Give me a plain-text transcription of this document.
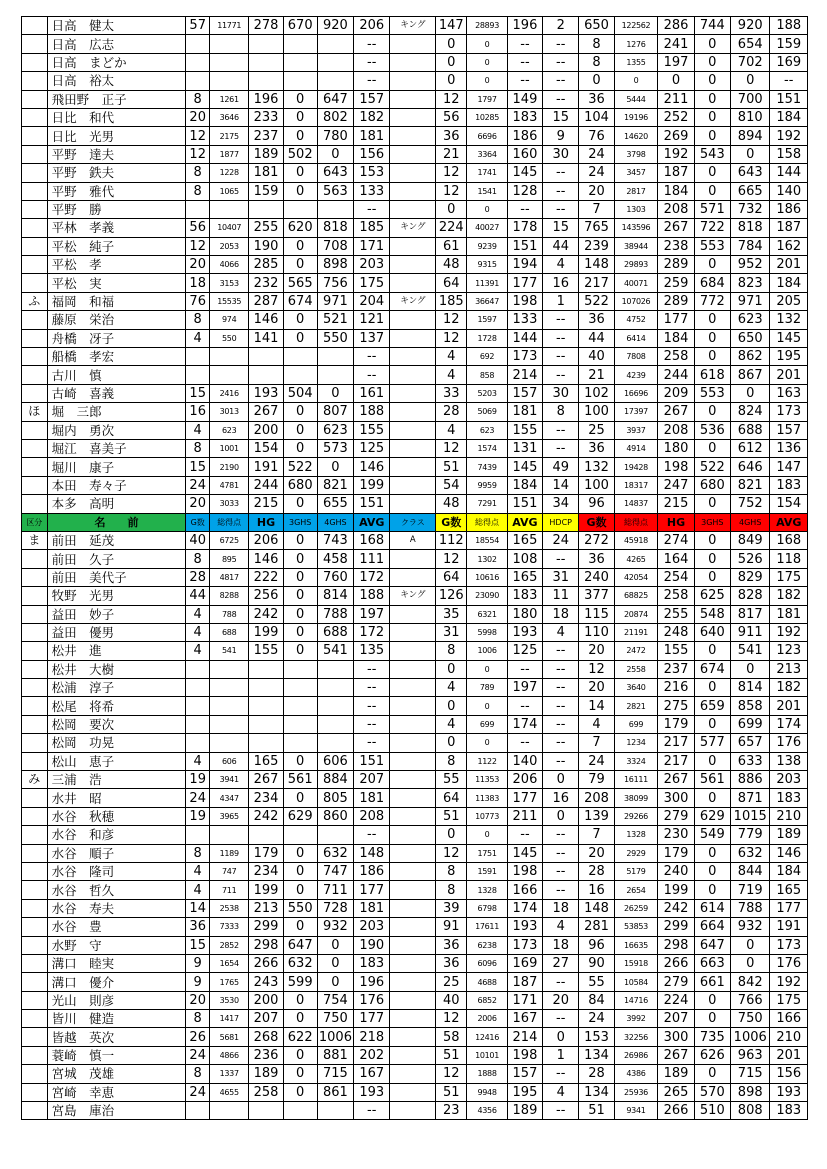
	日高　健太	57	11771	278	670	920	206	キング	147	28893	196	2	650	122562	286	744	920	188
	日高　広志						--		0	0	--	--	8	1276	241	0	654	159
	日高　まどか						--		0	0	--	--	8	1355	197	0	702	169
	日高　裕太						--		0	0	--	--	0	0	0	0	0	--
	飛田野　正子	8	1261	196	0	647	157		12	1797	149	--	36	5444	211	0	700	151
	日比　和代	20	3646	233	0	802	182		56	10285	183	15	104	19196	252	0	810	184
	日比　光男	12	2175	237	0	780	181		36	6696	186	9	76	14620	269	0	894	192
	平野　達夫	12	1877	189	502	0	156		21	3364	160	30	24	3798	192	543	0	158
	平野　鉄夫	8	1228	181	0	643	153		12	1741	145	--	24	3457	187	0	643	144
	平野　雅代	8	1065	159	0	563	133		12	1541	128	--	20	2817	184	0	665	140
	平野　勝						--		0	0	--	--	7	1303	208	571	732	186
	平林　孝義	56	10407	255	620	818	185	キング	224	40027	178	15	765	143596	267	722	818	187
	平松　純子	12	2053	190	0	708	171		61	9239	151	44	239	38944	238	553	784	162
	平松　孝	20	4066	285	0	898	203		48	9315	194	4	148	29893	289	0	952	201
	平松　実	18	3153	232	565	756	175		64	11391	177	16	217	40071	259	684	823	184
ふ	福岡　和福	76	15535	287	674	971	204	キング	185	36647	198	1	522	107026	289	772	971	205
	藤原　栄治	8	974	146	0	521	121		12	1597	133	--	36	4752	177	0	623	132
	舟橋　冴子	4	550	141	0	550	137		12	1728	144	--	44	6414	184	0	650	145
	船橋　孝宏						--		4	692	173	--	40	7808	258	0	862	195
	古川　慎						--		4	858	214	--	21	4239	244	618	867	201
	古崎　喜義	15	2416	193	504	0	161		33	5203	157	30	102	16696	209	553	0	163
ほ	堀　三郎	16	3013	267	0	807	188		28	5069	181	8	100	17397	267	0	824	173
	堀内　勇次	4	623	200	0	623	155		4	623	155	--	25	3937	208	536	688	157
	堀江　喜美子	8	1001	154	0	573	125		12	1574	131	--	36	4914	180	0	612	136
	堀川　康子	15	2190	191	522	0	146		51	7439	145	49	132	19428	198	522	646	147
	本田　寿々子	24	4781	244	680	821	199		54	9959	184	14	100	18317	247	680	821	183
	本多　高明	20	3033	215	0	655	151		48	7291	151	34	96	14837	215	0	752	154
区分	名　　前	G数	総得点	HG	3GHS	4GHS	AVG	クラス	G数	総得点	AVG	HDCP	G数	総得点	HG	3GHS	4GHS	AVG
ま	前田　延茂	40	6725	206	0	743	168	A	112	18554	165	24	272	45918	274	0	849	168
	前田　久子	8	895	146	0	458	111		12	1302	108	--	36	4265	164	0	526	118
	前田　美代子	28	4817	222	0	760	172		64	10616	165	31	240	42054	254	0	829	175
	牧野　光男	44	8288	256	0	814	188	キング	126	23090	183	11	377	68825	258	625	828	182
	益田　妙子	4	788	242	0	788	197		35	6321	180	18	115	20874	255	548	817	181
	益田　優男	4	688	199	0	688	172		31	5998	193	4	110	21191	248	640	911	192
	松井　進	4	541	155	0	541	135		8	1006	125	--	20	2472	155	0	541	123
	松井　大樹						--		0	0	--	--	12	2558	237	674	0	213
	松浦　淳子						--		4	789	197	--	20	3640	216	0	814	182
	松尾　将希						--		0	0	--	--	14	2821	275	659	858	201
	松岡　要次						--		4	699	174	--	4	699	179	0	699	174
	松岡　功晃						--		0	0	--	--	7	1234	217	577	657	176
	松山　恵子	4	606	165	0	606	151		8	1122	140	--	24	3324	217	0	633	138
み	三浦　浩	19	3941	267	561	884	207		55	11353	206	0	79	16111	267	561	886	203
	水井　昭	24	4347	234	0	805	181		64	11383	177	16	208	38099	300	0	871	183
	水谷　秋穂	19	3965	242	629	860	208		51	10773	211	0	139	29266	279	629	1015	210
	水谷　和彦						--		0	0	--	--	7	1328	230	549	779	189
	水谷　順子	8	1189	179	0	632	148		12	1751	145	--	20	2929	179	0	632	146
	水谷　隆司	4	747	234	0	747	186		8	1591	198	--	28	5179	240	0	844	184
	水谷　哲久	4	711	199	0	711	177		8	1328	166	--	16	2654	199	0	719	165
	水谷　寿夫	14	2538	213	550	728	181		39	6798	174	18	148	26259	242	614	788	177
	水谷　豊	36	7333	299	0	932	203		91	17611	193	4	281	53853	299	664	932	191
	水野　守	15	2852	298	647	0	190		36	6238	173	18	96	16635	298	647	0	173
	溝口　睦実	9	1654	266	632	0	183		36	6096	169	27	90	15918	266	663	0	176
	溝口　優介	9	1765	243	599	0	196		25	4688	187	--	55	10584	279	661	842	192
	光山　則彦	20	3530	200	0	754	176		40	6852	171	20	84	14716	224	0	766	175
	皆川　健造	8	1417	207	0	750	177		12	2006	167	--	24	3992	207	0	750	166
	皆越　英次	26	5681	268	622	1006	218		58	12416	214	0	153	32256	300	735	1006	210
	蓑崎　慎一	24	4866	236	0	881	202		51	10101	198	1	134	26986	267	626	963	201
	宮城　茂雄	8	1337	189	0	715	167		12	1888	157	--	28	4386	189	0	715	156
	宮崎　幸恵	24	4655	258	0	861	193		51	9948	195	4	134	25936	265	570	898	193
	宮島　庫治						--		23	4356	189	--	51	9341	266	510	808	183
